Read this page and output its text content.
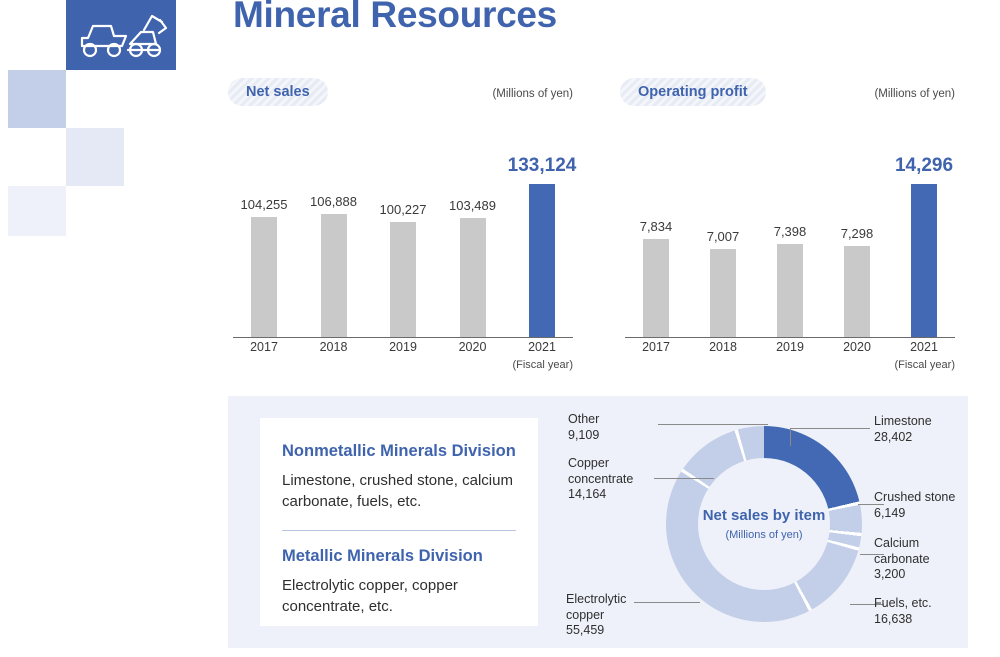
Mineral Resources
Net sales	(Millions of yen)
104,255 106,888
100,227 103,489
133,124
2017	2018	2019	2020	2021
(Fiscal year)
Operating profit	(Millions of yen)
7,834
7,007	7,398	7,298
14,296
2017	2018	2019	2020	2021
(Fiscal year)
Nonmetallic Minerals Division
Limestone, crushed stone, calcium carbonate, fuels, etc.
Metallic Minerals Division
Electrolytic copper, copper concentrate, etc.
Net sales by item
(Millions of yen)
Limestone
28,402
Crushed stone
6,149
Calcium carbonate
3,200
Fuels, etc.
16,638
Other
9,109
Copper concentrate
14,164
Electrolytic copper
55,459
